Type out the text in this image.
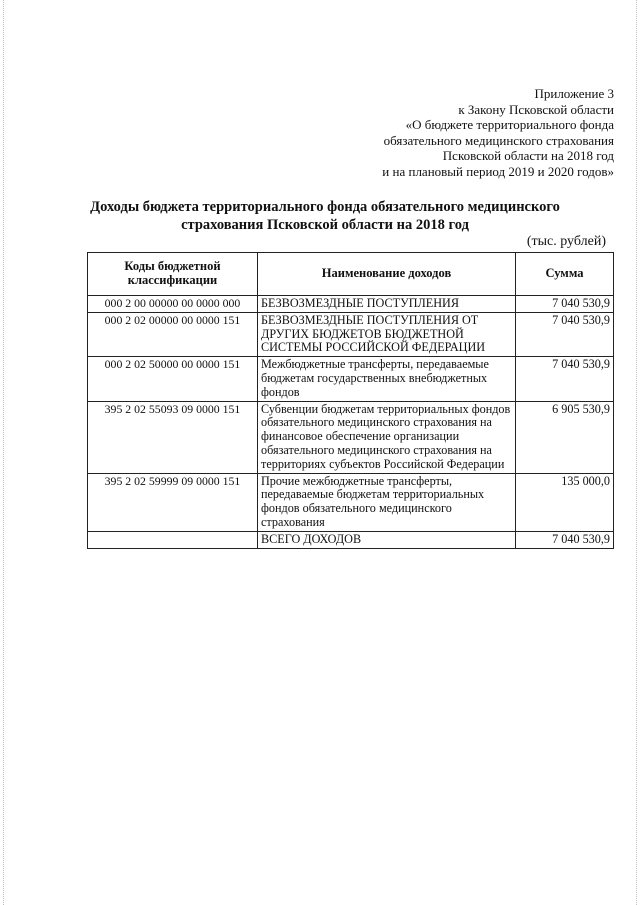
Приложение 3
к Закону Псковской области
«О бюджете территориального фонда
обязательного медицинского страхования
Псковской области на 2018 год
и на плановый период 2019 и 2020 годов»
Доходы бюджета территориального фонда обязательного медицинского
страхования Псковской области на 2018 год
(тыс. рублей)
Коды бюджетной классификации	Наименование доходов	Сумма
000 2 00 00000 00 0000 000	БЕЗВОЗМЕЗДНЫЕ ПОСТУПЛЕНИЯ	7 040 530,9
000 2 02 00000 00 0000 151	БЕЗВОЗМЕЗДНЫЕ ПОСТУПЛЕНИЯ ОТ ДРУГИХ БЮДЖЕТОВ БЮДЖЕТНОЙ СИСТЕМЫ РОССИЙСКОЙ ФЕДЕРАЦИИ	7 040 530,9
000 2 02 50000 00 0000 151	Межбюджетные трансферты, передаваемые бюджетам государственных внебюджетных фондов	7 040 530,9
395 2 02 55093 09 0000 151	Субвенции бюджетам территориальных фондов обязательного медицинского страхования на финансовое обеспечение организации обязательного медицинского страхования на территориях субъектов Российской Федерации	6 905 530,9
395 2 02 59999 09 0000 151	Прочие межбюджетные трансферты, передаваемые бюджетам территориальных фондов обязательного медицинского страхования	135 000,0
	ВСЕГО ДОХОДОВ	7 040 530,9
